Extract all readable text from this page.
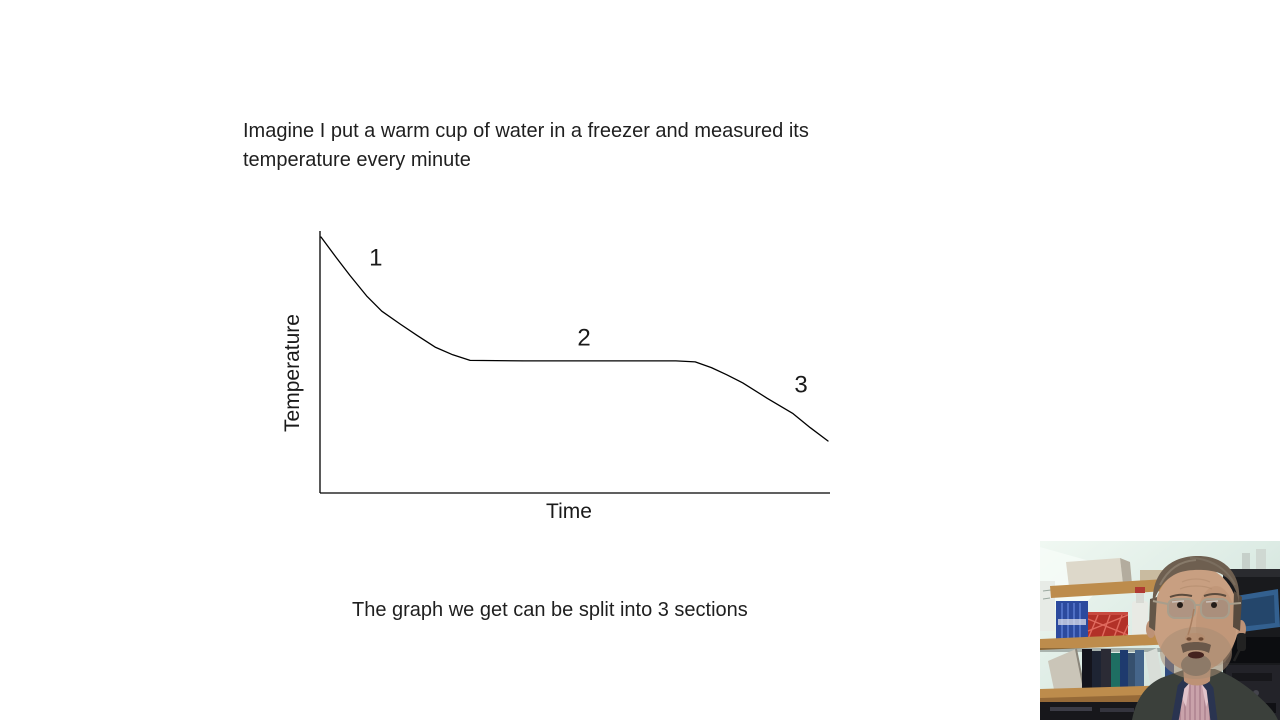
Imagine I put a warm cup of water in a freezer and measured its temperature every minute
1
2
3
Temperature
Time
The graph we get can be split into 3 sections
